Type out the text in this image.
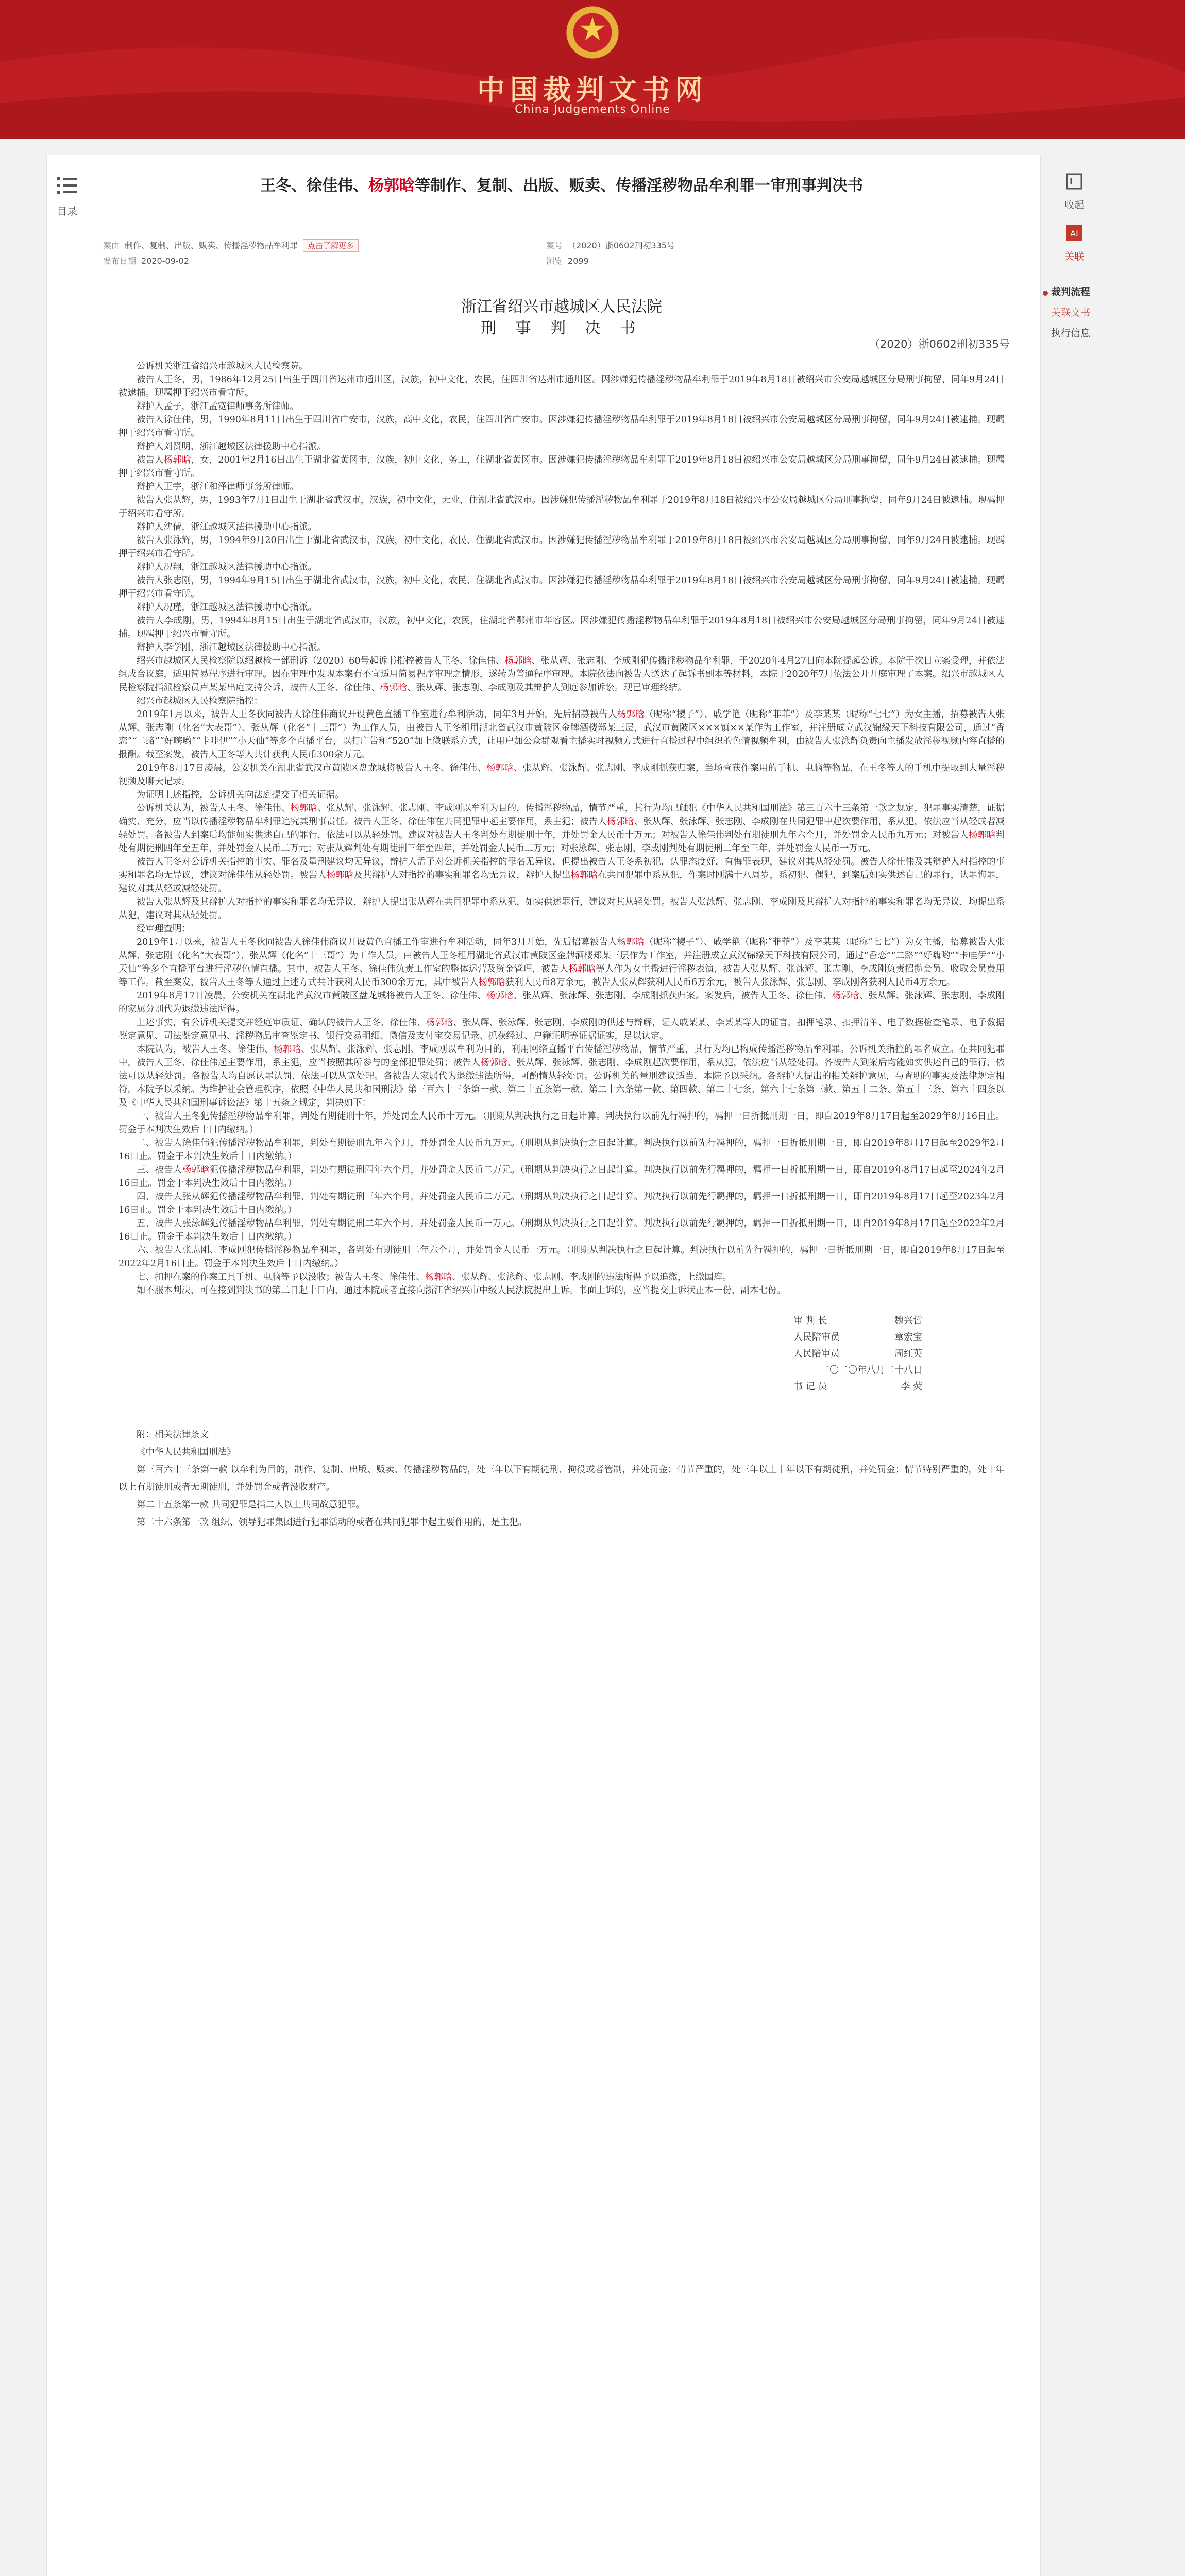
中国裁判文书网
China Judgements Online
目录
王冬、徐佳伟、杨郭晗等制作、复制、出版、贩卖、传播淫秽物品牟利罪一审刑事判决书
案由 制作、复制、出版、贩卖、传播淫秽物品牟利罪 点击了解更多	案号 （2020）浙0602刑初335号
发布日期 2020-09-02	浏览 2099
浙江省绍兴市越城区人民法院
刑 事 判 决 书
（2020）浙0602刑初335号

公诉机关浙江省绍兴市越城区人民检察院。

被告人王冬，男，1986年12月25日出生于四川省达州市通川区，汉族，初中文化，农民，住四川省达州市通川区。因涉嫌犯传播淫秽物品牟利罪于2019年8月18日被绍兴市公安局越城区分局刑事拘留，同年9月24日被逮捕。现羁押于绍兴市看守所。

辩护人孟子，浙江孟宽律师事务所律师。

被告人徐佳伟，男，1990年8月11日出生于四川省广安市，汉族，高中文化，农民，住四川省广安市。因涉嫌犯传播淫秽物品牟利罪于2019年8月18日被绍兴市公安局越城区分局刑事拘留，同年9月24日被逮捕。现羁押于绍兴市看守所。

辩护人刘贤明，浙江越城区法律援助中心指派。

被告人杨郭晗，女，2001年2月16日出生于湖北省黄冈市，汉族，初中文化，务工，住湖北省黄冈市。因涉嫌犯传播淫秽物品牟利罪于2019年8月18日被绍兴市公安局越城区分局刑事拘留，同年9月24日被逮捕。现羁押于绍兴市看守所。

辩护人王宇，浙江和泽律师事务所律师。

被告人张从辉，男，1993年7月1日出生于湖北省武汉市，汉族，初中文化，无业，住湖北省武汉市。因涉嫌犯传播淫秽物品牟利罪于2019年8月18日被绍兴市公安局越城区分局刑事拘留，同年9月24日被逮捕。现羁押于绍兴市看守所。

辩护人沈倩，浙江越城区法律援助中心指派。

被告人张泳辉，男，1994年9月20日出生于湖北省武汉市，汉族，初中文化，农民，住湖北省武汉市。因涉嫌犯传播淫秽物品牟利罪于2019年8月18日被绍兴市公安局越城区分局刑事拘留，同年9月24日被逮捕。现羁押于绍兴市看守所。

辩护人况翔，浙江越城区法律援助中心指派。

被告人张志刚，男，1994年9月15日出生于湖北省武汉市，汉族，初中文化，农民，住湖北省武汉市。因涉嫌犯传播淫秽物品牟利罪于2019年8月18日被绍兴市公安局越城区分局刑事拘留，同年9月24日被逮捕。现羁押于绍兴市看守所。

辩护人况瑾，浙江越城区法律援助中心指派。

被告人李成刚，男，1994年8月15日出生于湖北省武汉市，汉族，初中文化，农民，住湖北省鄂州市华容区。因涉嫌犯传播淫秽物品牟利罪于2019年8月18日被绍兴市公安局越城区分局刑事拘留，同年9月24日被逮捕。现羁押于绍兴市看守所。

辩护人李学刚，浙江越城区法律援助中心指派。

绍兴市越城区人民检察院以绍越检一部刑诉（2020）60号起诉书指控被告人王冬、徐佳伟、杨郭晗、张从辉、张志刚、李成刚犯传播淫秽物品牟利罪，于2020年4月27日向本院提起公诉。本院于次日立案受理，并依法组成合议庭，适用简易程序进行审理。因在审理中发现本案有不宜适用简易程序审理之情形，遂转为普通程序审理。本院依法向被告人送达了起诉书副本等材料，本院于2020年7月依法公开开庭审理了本案。绍兴市越城区人民检察院指派检察员卢某某出庭支持公诉，被告人王冬、徐佳伟、杨郭晗、张从辉、张志刚、李成刚及其辩护人到庭参加诉讼。现已审理终结。

绍兴市越城区人民检察院指控：

2019年1月以来，被告人王冬伙同被告人徐佳伟商议开设黄色直播工作室进行牟利活动，同年3月开始，先后招募被告人杨郭晗（昵称“樱子”）、戚学艳（昵称“菲菲”）及李某某（昵称“七七”）为女主播，招募被告人张从辉、张志刚（化名“大表哥”）、张从辉（化名“十三哥”）为工作人员，由被告人王冬租用湖北省武汉市黄陂区金牌酒楼郑某三层，武汉市黄陂区×××镇××某作为工作室，并注册成立武汉锦缘天下科技有限公司，通过“香恋”“二路”“好嗨哟”“卡哇伊”“小天仙”等多个直播平台，以打广告和“520”加上微联系方式，让用户加公众群观看主播实时视频方式进行直播过程中组织的色情视频牟利，由被告人张泳辉负责向主播发放淫秽视频内容直播的报酬。截至案发，被告人王冬等人共计获利人民币300余万元。

2019年8月17日凌晨，公安机关在湖北省武汉市黄陂区盘龙城将被告人王冬、徐佳伟、杨郭晗、张从辉、张泳辉、张志刚、李成刚抓获归案，当场查获作案用的手机、电脑等物品，在王冬等人的手机中提取到大量淫秽视频及聊天记录。

为证明上述指控，公诉机关向法庭提交了相关证据。

公诉机关认为，被告人王冬、徐佳伟、杨郭晗、张从辉、张泳辉、张志刚、李成刚以牟利为目的，传播淫秽物品，情节严重，其行为均已触犯《中华人民共和国刑法》第三百六十三条第一款之规定，犯罪事实清楚，证据确实、充分，应当以传播淫秽物品牟利罪追究其刑事责任。被告人王冬、徐佳伟在共同犯罪中起主要作用，系主犯；被告人杨郭晗、张从辉、张泳辉、张志刚、李成刚在共同犯罪中起次要作用，系从犯，依法应当从轻或者减轻处罚。各被告人到案后均能如实供述自己的罪行，依法可以从轻处罚。建议对被告人王冬判处有期徒刑十年，并处罚金人民币十万元；对被告人徐佳伟判处有期徒刑九年六个月，并处罚金人民币九万元；对被告人杨郭晗判处有期徒刑四年至五年，并处罚金人民币二万元；对张从辉判处有期徒刑三年至四年，并处罚金人民币二万元；对张泳辉、张志刚、李成刚判处有期徒刑二年至三年，并处罚金人民币一万元。

被告人王冬对公诉机关指控的事实、罪名及量刑建议均无异议，辩护人孟子对公诉机关指控的罪名无异议，但提出被告人王冬系初犯，认罪态度好，有悔罪表现，建议对其从轻处罚。被告人徐佳伟及其辩护人对指控的事实和罪名均无异议，建议对徐佳伟从轻处罚。被告人杨郭晗及其辩护人对指控的事实和罪名均无异议，辩护人提出杨郭晗在共同犯罪中系从犯，作案时刚满十八周岁，系初犯、偶犯，到案后如实供述自己的罪行，认罪悔罪，建议对其从轻或减轻处罚。

被告人张从辉及其辩护人对指控的事实和罪名均无异议，辩护人提出张从辉在共同犯罪中系从犯，如实供述罪行，建议对其从轻处罚。被告人张泳辉、张志刚、李成刚及其辩护人对指控的事实和罪名均无异议，均提出系从犯，建议对其从轻处罚。

经审理查明：

2019年1月以来，被告人王冬伙同被告人徐佳伟商议开设黄色直播工作室进行牟利活动，同年3月开始，先后招募被告人杨郭晗（昵称“樱子”）、戚学艳（昵称“菲菲”）及李某某（昵称“七七”）为女主播，招募被告人张从辉、张志刚（化名“大表哥”）、张从辉（化名“十三哥”）为工作人员，由被告人王冬租用湖北省武汉市黄陂区金牌酒楼郑某三层作为工作室，并注册成立武汉锦缘天下科技有限公司，通过“香恋”“二路”“好嗨哟”“卡哇伊”“小天仙”等多个直播平台进行淫秽色情直播。其中，被告人王冬、徐佳伟负责工作室的整体运营及资金管理，被告人杨郭晗等人作为女主播进行淫秽表演，被告人张从辉、张泳辉、张志刚、李成刚负责招揽会员、收取会员费用等工作。截至案发，被告人王冬等人通过上述方式共计获利人民币300余万元，其中被告人杨郭晗获利人民币8万余元，被告人张从辉获利人民币6万余元，被告人张泳辉、张志刚、李成刚各获利人民币4万余元。

2019年8月17日凌晨，公安机关在湖北省武汉市黄陂区盘龙城将被告人王冬、徐佳伟、杨郭晗、张从辉、张泳辉、张志刚、李成刚抓获归案。案发后，被告人王冬、徐佳伟、杨郭晗、张从辉、张泳辉、张志刚、李成刚的家属分别代为退缴违法所得。

上述事实，有公诉机关提交并经庭审质证、确认的被告人王冬、徐佳伟、杨郭晗、张从辉、张泳辉、张志刚、李成刚的供述与辩解，证人戚某某、李某某等人的证言，扣押笔录、扣押清单、电子数据检查笔录、电子数据鉴定意见、司法鉴定意见书、淫秽物品审查鉴定书、银行交易明细、微信及支付宝交易记录、抓获经过、户籍证明等证据证实，足以认定。

本院认为，被告人王冬、徐佳伟、杨郭晗、张从辉、张泳辉、张志刚、李成刚以牟利为目的，利用网络直播平台传播淫秽物品，情节严重，其行为均已构成传播淫秽物品牟利罪。公诉机关指控的罪名成立。在共同犯罪中，被告人王冬、徐佳伟起主要作用，系主犯，应当按照其所参与的全部犯罪处罚；被告人杨郭晗、张从辉、张泳辉、张志刚、李成刚起次要作用，系从犯，依法应当从轻处罚。各被告人到案后均能如实供述自己的罪行，依法可以从轻处罚。各被告人均自愿认罪认罚，依法可以从宽处理。各被告人家属代为退缴违法所得，可酌情从轻处罚。公诉机关的量刑建议适当，本院予以采纳。各辩护人提出的相关辩护意见，与查明的事实及法律规定相符，本院予以采纳。为维护社会管理秩序，依照《中华人民共和国刑法》第三百六十三条第一款、第二十五条第一款、第二十六条第一款、第四款、第二十七条、第六十七条第三款、第五十二条、第五十三条、第六十四条以及《中华人民共和国刑事诉讼法》第十五条之规定，判决如下：

一、被告人王冬犯传播淫秽物品牟利罪，判处有期徒刑十年，并处罚金人民币十万元。（刑期从判决执行之日起计算。判决执行以前先行羁押的，羁押一日折抵刑期一日，即自2019年8月17日起至2029年8月16日止。罚金于本判决生效后十日内缴纳。）

二、被告人徐佳伟犯传播淫秽物品牟利罪，判处有期徒刑九年六个月，并处罚金人民币九万元。（刑期从判决执行之日起计算。判决执行以前先行羁押的，羁押一日折抵刑期一日，即自2019年8月17日起至2029年2月16日止。罚金于本判决生效后十日内缴纳。）

三、被告人杨郭晗犯传播淫秽物品牟利罪，判处有期徒刑四年六个月，并处罚金人民币二万元。（刑期从判决执行之日起计算。判决执行以前先行羁押的，羁押一日折抵刑期一日，即自2019年8月17日起至2024年2月16日止。罚金于本判决生效后十日内缴纳。）

四、被告人张从辉犯传播淫秽物品牟利罪，判处有期徒刑三年六个月，并处罚金人民币二万元。（刑期从判决执行之日起计算。判决执行以前先行羁押的，羁押一日折抵刑期一日，即自2019年8月17日起至2023年2月16日止。罚金于本判决生效后十日内缴纳。）

五、被告人张泳辉犯传播淫秽物品牟利罪，判处有期徒刑二年六个月，并处罚金人民币一万元。（刑期从判决执行之日起计算。判决执行以前先行羁押的，羁押一日折抵刑期一日，即自2019年8月17日起至2022年2月16日止。罚金于本判决生效后十日内缴纳。）

六、被告人张志刚、李成刚犯传播淫秽物品牟利罪，各判处有期徒刑二年六个月，并处罚金人民币一万元。（刑期从判决执行之日起计算。判决执行以前先行羁押的，羁押一日折抵刑期一日，即自2019年8月17日起至2022年2月16日止。罚金于本判决生效后十日内缴纳。）

七、扣押在案的作案工具手机、电脑等予以没收；被告人王冬、徐佳伟、杨郭晗、张从辉、张泳辉、张志刚、李成刚的违法所得予以追缴，上缴国库。

如不服本判决，可在接到判决书的第二日起十日内，通过本院或者直接向浙江省绍兴市中级人民法院提出上诉。书面上诉的，应当提交上诉状正本一份，副本七份。

审 判 长	魏兴哲
人民陪审员	章宏宝
人民陪审员	周红英
二〇二〇年八月二十八日
书 记 员	李 荧

附：相关法律条文

《中华人民共和国刑法》

第三百六十三条第一款 以牟利为目的，制作、复制、出版、贩卖、传播淫秽物品的，处三年以下有期徒刑、拘役或者管制，并处罚金；情节严重的，处三年以上十年以下有期徒刑，并处罚金；情节特别严重的，处十年以上有期徒刑或者无期徒刑，并处罚金或者没收财产。

第二十五条第一款 共同犯罪是指二人以上共同故意犯罪。

第二十六条第一款 组织、领导犯罪集团进行犯罪活动的或者在共同犯罪中起主要作用的，是主犯。

收起
AI
关联
裁判流程
关联文书
执行信息
